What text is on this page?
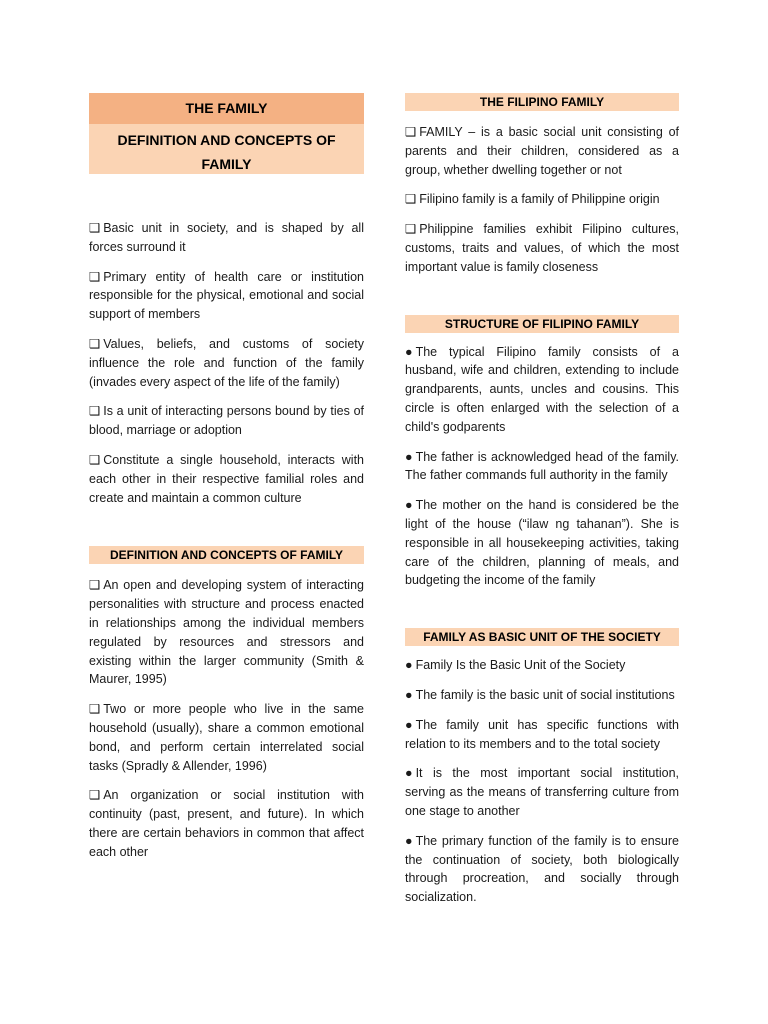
THE FAMILY
DEFINITION AND CONCEPTS OF FAMILY

❑Basic unit in society, and is shaped by all forces surround it

❑Primary entity of health care or institution responsible for the physical, emotional and social support of members

❑Values, beliefs, and customs of society influence the role and function of the family (invades every aspect of the life of the family)

❑Is a unit of interacting persons bound by ties of blood, marriage or adoption

❑Constitute a single household, interacts with each other in their respective familial roles and create and maintain a common culture

DEFINITION AND CONCEPTS OF FAMILY

❑An open and developing system of interacting personalities with structure and process enacted in relationships among the individual members regulated by resources and stressors and existing within the larger community (Smith & Maurer, 1995)

❑Two or more people who live in the same household (usually), share a common emotional bond, and perform certain interrelated social tasks (Spradly & Allender, 1996)

❑An organization or social institution with continuity (past, present, and future). In which there are certain behaviors in common that affect each other

THE FILIPINO FAMILY

❑FAMILY – is a basic social unit consisting of parents and their children, considered as a group, whether dwelling together or not

❑Filipino family is a family of Philippine origin

❑Philippine families exhibit Filipino cultures, customs, traits and values, of which the most important value is family closeness

STRUCTURE OF FILIPINO FAMILY

●The typical Filipino family consists of a husband, wife and children, extending to include grandparents, aunts, uncles and cousins. This circle is often enlarged with the selection of a child's godparents

●The father is acknowledged head of the family. The father commands full authority in the family

●The mother on the hand is considered be the light of the house (“ilaw ng tahanan”). She is responsible in all housekeeping activities, taking care of the children, planning of meals, and budgeting the income of the family

FAMILY AS BASIC UNIT OF THE SOCIETY

●Family Is the Basic Unit of the Society

●The family is the basic unit of social institutions

●The family unit has specific functions with relation to its members and to the total society

●It is the most important social institution, serving as the means of transferring culture from one stage to another

●The primary function of the family is to ensure the continuation of society, both biologically through procreation, and socially through socialization.
